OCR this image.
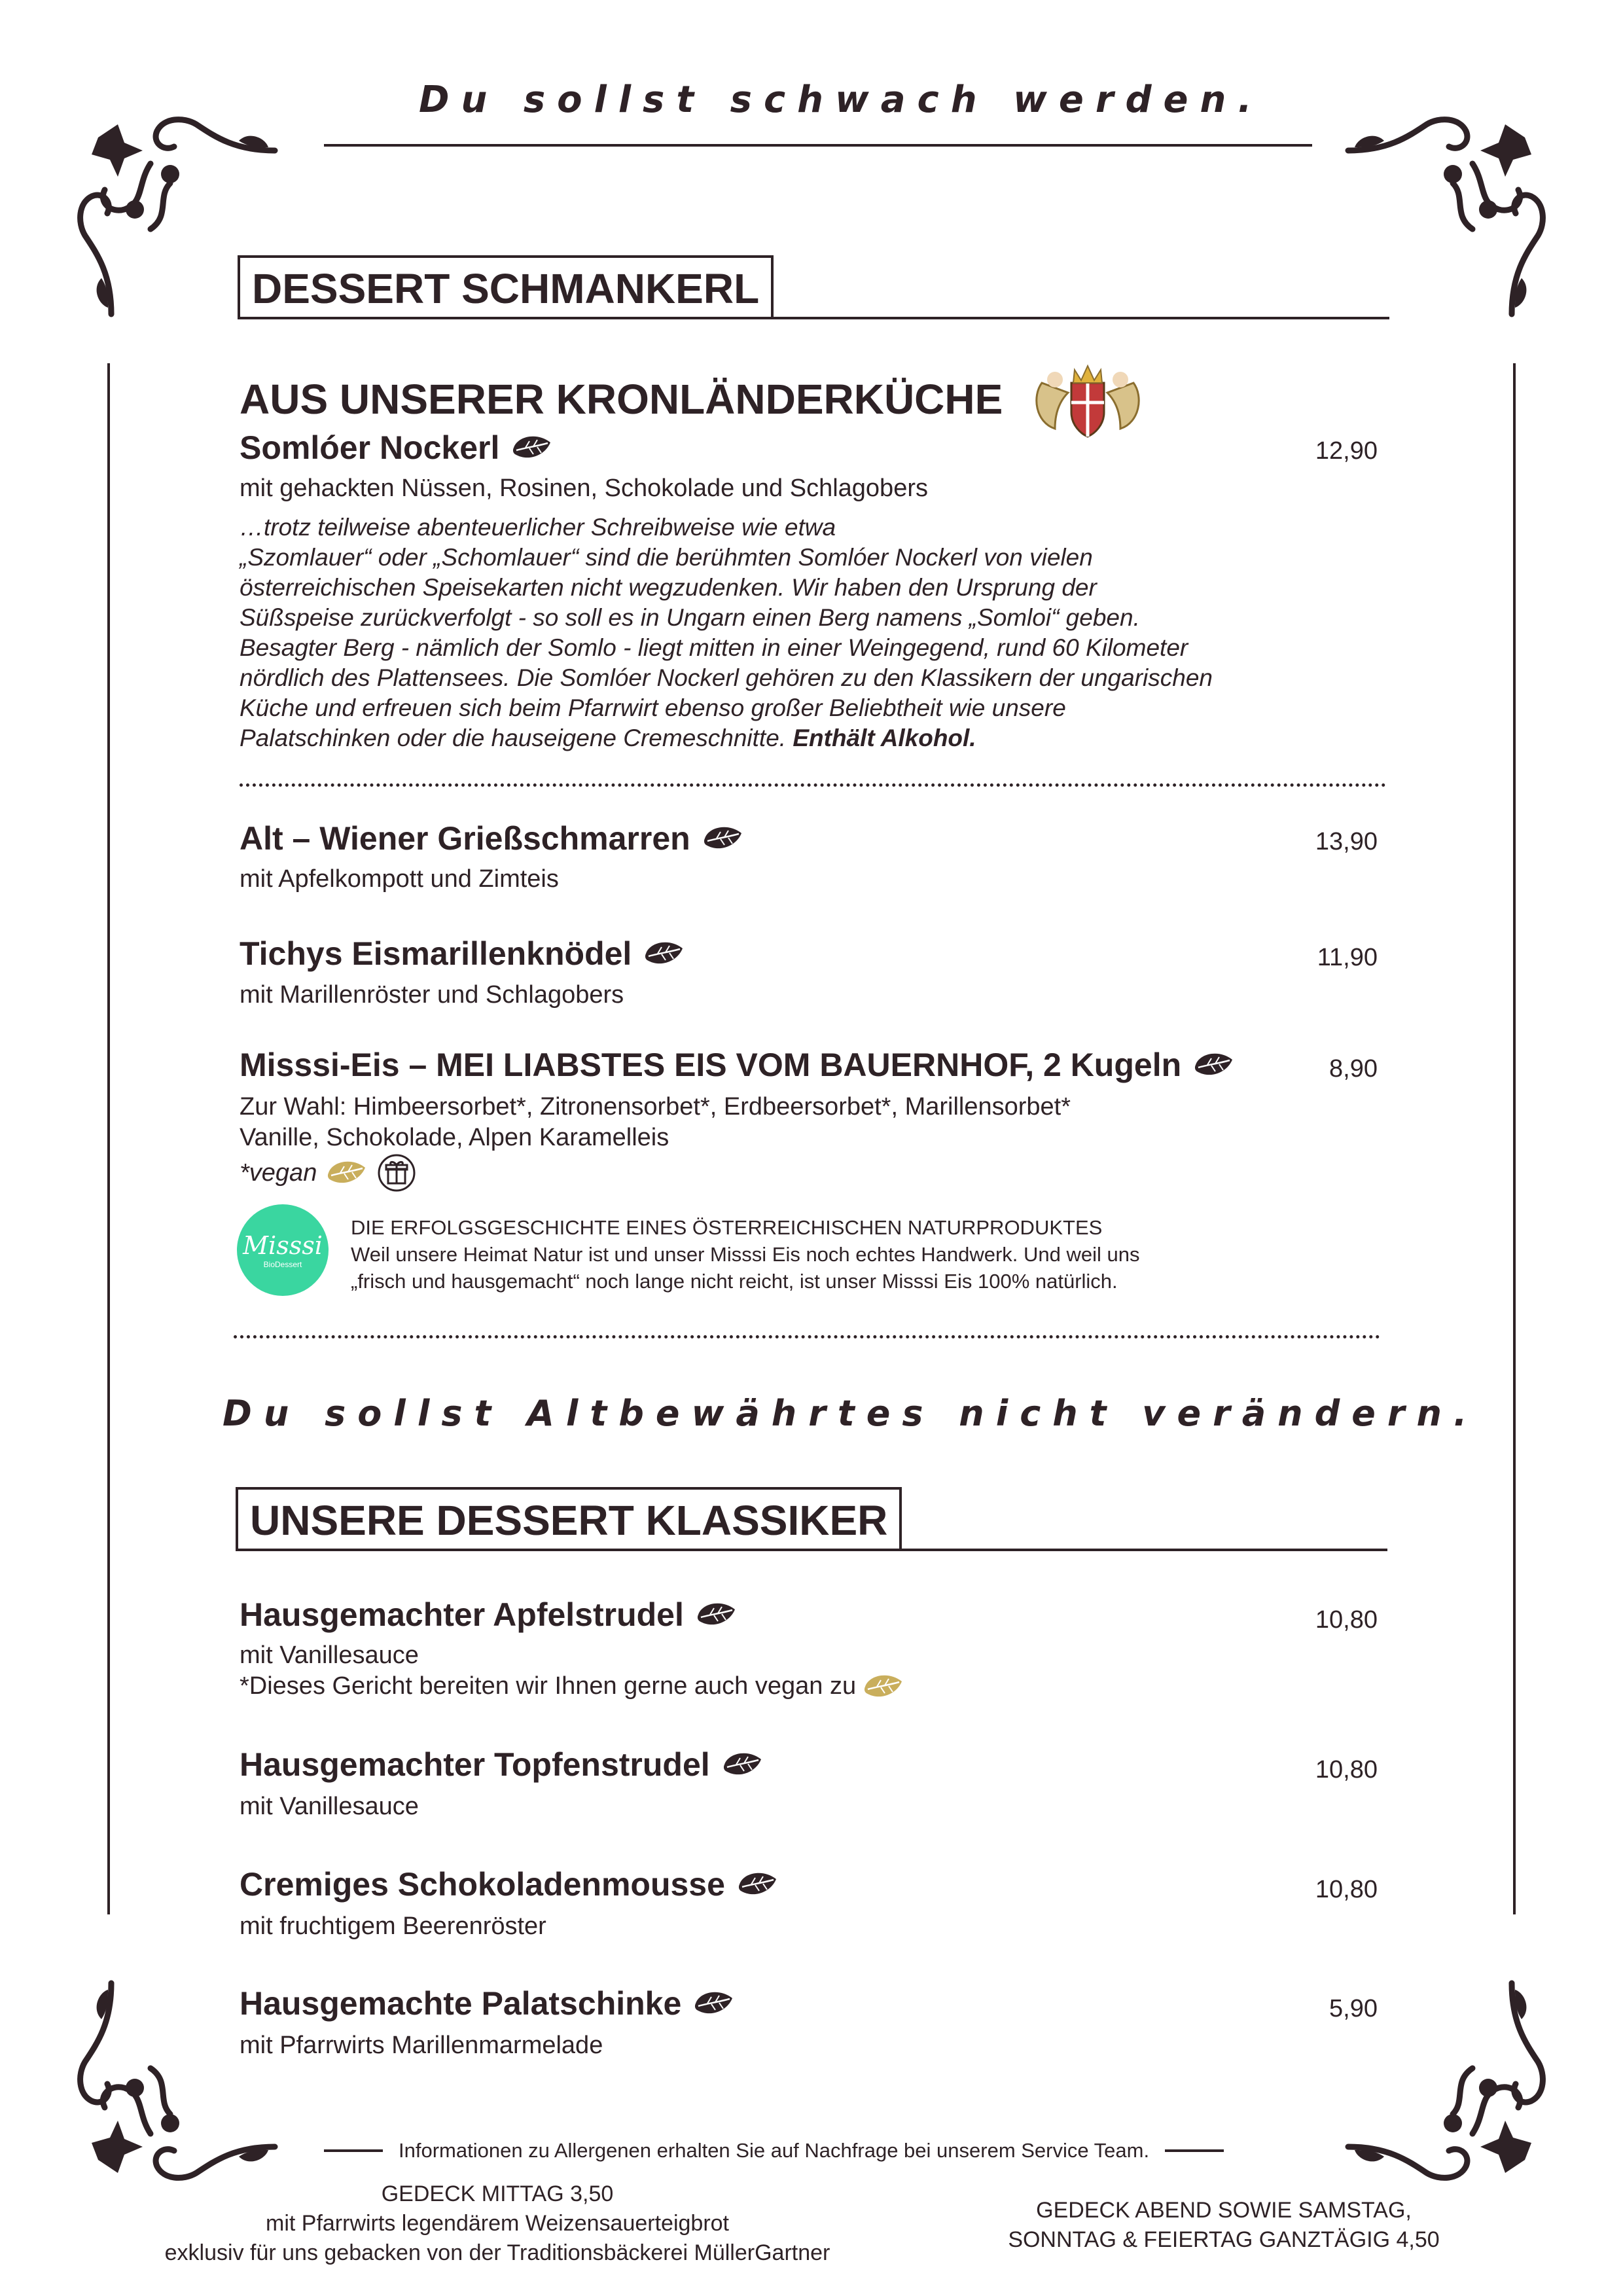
Du sollst schwach werden.
DESSERT SCHMANKERL
AUS UNSERER KRONLÄNDERKÜCHE
Somlóer Nockerl	12,90
mit gehackten Nüssen, Rosinen, Schokolade und Schlagobers
…trotz teilweise abenteuerlicher Schreibweise wie etwa
„Szomlauer“ oder „Schomlauer“ sind die berühmten Somlóer Nockerl von vielen
österreichischen Speisekarten nicht wegzudenken. Wir haben den Ursprung der
Süßspeise zurückverfolgt - so soll es in Ungarn einen Berg namens „Somloi“ geben.
Besagter Berg - nämlich der Somlo - liegt mitten in einer Weingegend, rund 60 Kilometer
nördlich des Plattensees. Die Somlóer Nockerl gehören zu den Klassikern der ungarischen
Küche und erfreuen sich beim Pfarrwirt ebenso großer Beliebtheit wie unsere
Palatschinken oder die hauseigene Cremeschnitte. Enthält Alkohol.
Alt – Wiener Grießschmarren	13,90
mit Apfelkompott und Zimteis
Tichys Eismarillenknödel	11,90
mit Marillenröster und Schlagobers
Misssi-Eis – MEI LIABSTES EIS VOM BAUERNHOF, 2 Kugeln	8,90
Zur Wahl: Himbeersorbet*, Zitronensorbet*, Erdbeersorbet*, Marillensorbet*
Vanille, Schokolade, Alpen Karamelleis
*vegan
Misssi
BioDessert
DIE ERFOLGSGESCHICHTE EINES ÖSTERREICHISCHEN NATURPRODUKTES
Weil unsere Heimat Natur ist und unser Misssi Eis noch echtes Handwerk. Und weil uns
„frisch und hausgemacht“ noch lange nicht reicht, ist unser Misssi Eis 100% natürlich.
Du sollst Altbewährtes nicht verändern.
UNSERE DESSERT KLASSIKER
Hausgemachter Apfelstrudel	10,80
mit Vanillesauce
*Dieses Gericht bereiten wir Ihnen gerne auch vegan zu
Hausgemachter Topfenstrudel	10,80
mit Vanillesauce
Cremiges Schokoladenmousse	10,80
mit fruchtigem Beerenröster
Hausgemachte Palatschinke	5,90
mit Pfarrwirts Marillenmarmelade
Informationen zu Allergenen erhalten Sie auf Nachfrage bei unserem Service Team.
GEDECK MITTAG 3,50
mit Pfarrwirts legendärem Weizensauerteigbrot
exklusiv für uns gebacken von der Traditionsbäckerei MüllerGartner
GEDECK ABEND SOWIE SAMSTAG,
SONNTAG & FEIERTAG GANZTÄGIG 4,50
